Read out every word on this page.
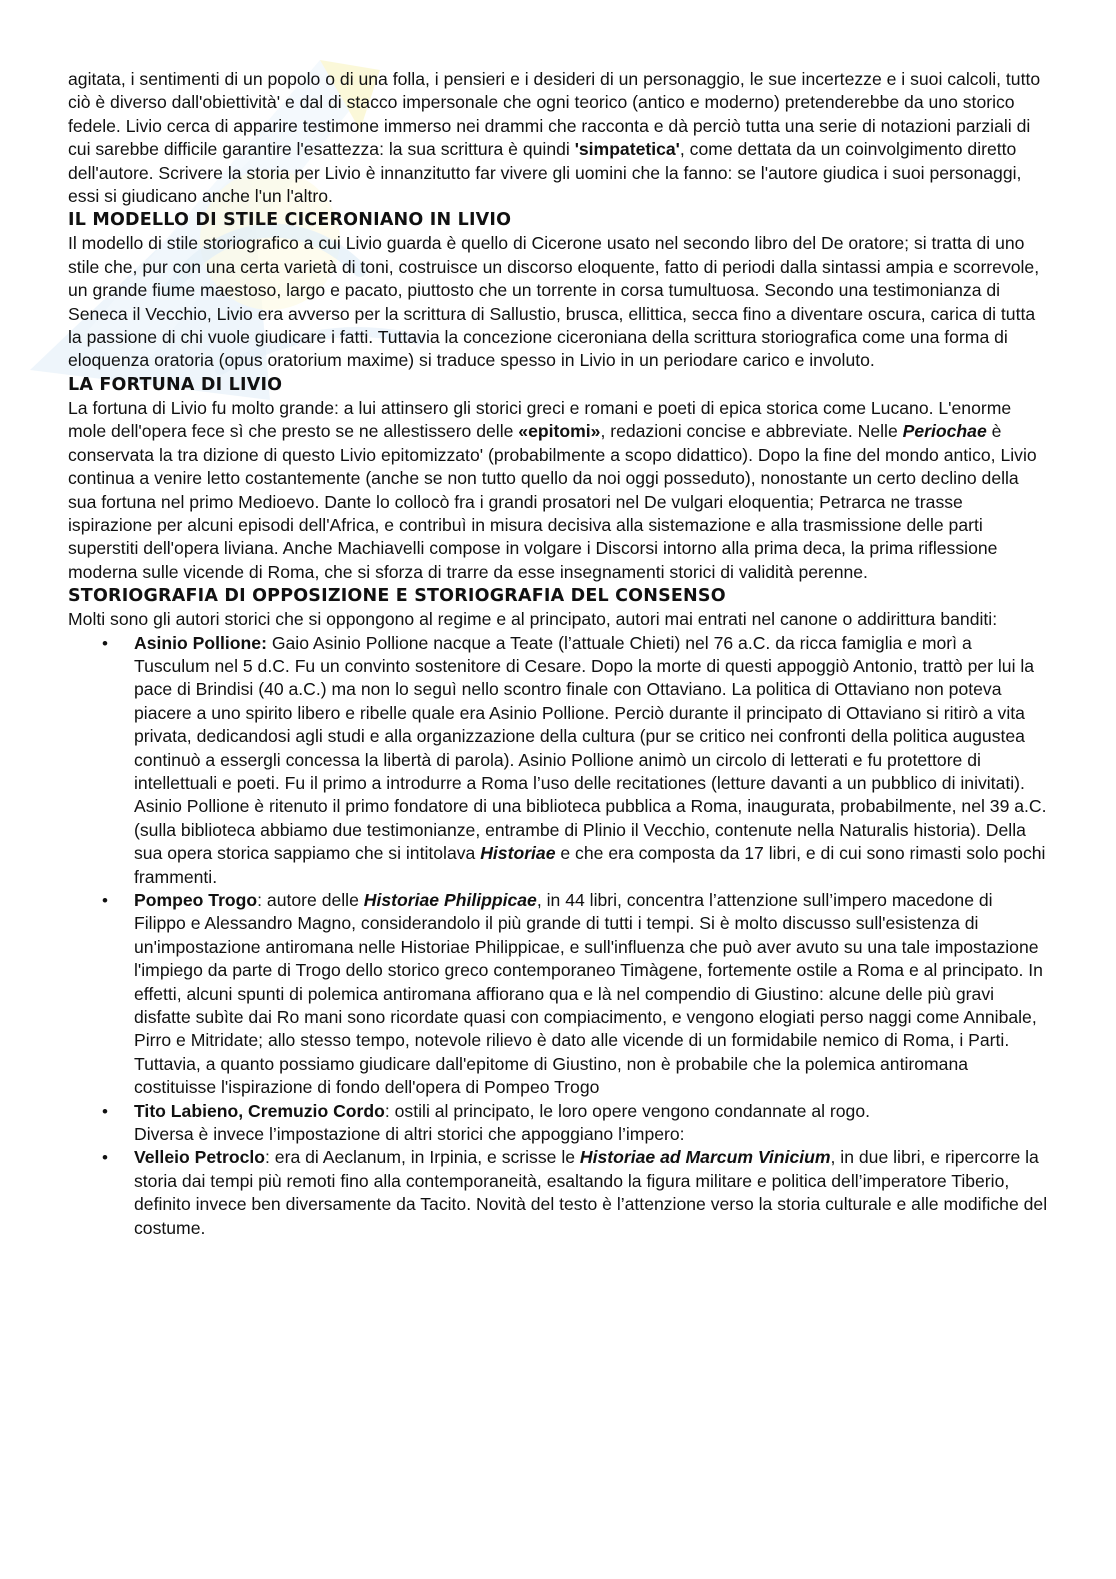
agitata, i sentimenti di un popolo o di una folla, i pensieri e i desideri di un personaggio, le sue incertezze e i suoi calcoli, tutto ciò è diverso dall'obiettività' e dal di stacco impersonale che ogni teorico (antico e moderno) pretenderebbe da uno storico fedele. Livio cerca di apparire testimone immerso nei drammi che racconta e dà perciò tutta una serie di notazioni parziali di cui sarebbe difficile garantire l'esattezza: la sua scrittura è quindi 'simpatetica', come dettata da un coinvolgimento diretto dell'autore. Scrivere la storia per Livio è innanzitutto far vivere gli uomini che la fanno: se l'autore giudica i suoi personaggi, essi si giudicano anche l'un l'altro.

IL MODELLO DI STILE CICERONIANO IN LIVIO

Il modello di stile storiografico a cui Livio guarda è quello di Cicerone usato nel secondo libro del De oratore; si tratta di uno stile che, pur con una certa varietà di toni, costruisce un discorso eloquente, fatto di periodi dalla sintassi ampia e scorrevole, un grande fiume maestoso, largo e pacato, piuttosto che un torrente in corsa tumultuosa. Secondo una testimonianza di Seneca il Vecchio, Livio era avverso per la scrittura di Sallustio, brusca, ellittica, secca fino a diventare oscura, carica di tutta la passione di chi vuole giudicare i fatti. Tuttavia la concezione ciceroniana della scrittura storiografica come una forma di eloquenza oratoria (opus oratorium maxime) si traduce spesso in Livio in un periodare carico e involuto.

LA FORTUNA DI LIVIO

La fortuna di Livio fu molto grande: a lui attinsero gli storici greci e romani e poeti di epica storica come Lucano. L'enorme mole dell'opera fece sì che presto se ne allestissero delle «epitomi», redazioni concise e abbreviate. Nelle Periochae è conservata la tra dizione di questo Livio epitomizzato' (probabilmente a scopo didattico). Dopo la fine del mondo antico, Livio continua a venire letto costantemente (anche se non tutto quello da noi oggi posseduto), nonostante un certo declino della sua fortuna nel primo Medioevo. Dante lo collocò fra i grandi prosatori nel De vulgari eloquentia; Petrarca ne trasse ispirazione per alcuni episodi dell'Africa, e contribuì in misura decisiva alla sistemazione e alla trasmissione delle parti superstiti dell'opera liviana. Anche Machiavelli compose in volgare i Discorsi intorno alla prima deca, la prima riflessione moderna sulle vicende di Roma, che si sforza di trarre da esse insegnamenti storici di validità perenne.

STORIOGRAFIA DI OPPOSIZIONE E STORIOGRAFIA DEL CONSENSO

Molti sono gli autori storici che si oppongono al regime e al principato, autori mai entrati nel canone o addirittura banditi:

• Asinio Pollione: Gaio Asinio Pollione nacque a Teate (l’attuale Chieti) nel 76 a.C. da ricca famiglia e morì a Tusculum nel 5 d.C. Fu un convinto sostenitore di Cesare. Dopo la morte di questi appoggiò Antonio, trattò per lui la pace di Brindisi (40 a.C.) ma non lo seguì nello scontro finale con Ottaviano. La politica di Ottaviano non poteva piacere a uno spirito libero e ribelle quale era Asinio Pollione. Perciò durante il principato di Ottaviano si ritirò a vita privata, dedicandosi agli studi e alla organizzazione della cultura (pur se critico nei confronti della politica augustea continuò a essergli concessa la libertà di parola). Asinio Pollione animò un circolo di letterati e fu protettore di intellettuali e poeti. Fu il primo a introdurre a Roma l’uso delle recitationes (letture davanti a un pubblico di inivitati). Asinio Pollione è ritenuto il primo fondatore di una biblioteca pubblica a Roma, inaugurata, probabilmente, nel 39 a.C. (sulla biblioteca abbiamo due testimonianze, entrambe di Plinio il Vecchio, contenute nella Naturalis historia). Della sua opera storica sappiamo che si intitolava Historiae e che era composta da 17 libri, e di cui sono rimasti solo pochi frammenti.
• Pompeo Trogo: autore delle Historiae Philippicae, in 44 libri, concentra l’attenzione sull’impero macedone di Filippo e Alessandro Magno, considerandolo il più grande di tutti i tempi. Si è molto discusso sull'esistenza di un'impostazione antiromana nelle Historiae Philippicae, e sull'influenza che può aver avuto su una tale impostazione l'impiego da parte di Trogo dello storico greco contemporaneo Timàgene, fortemente ostile a Roma e al principato. In effetti, alcuni spunti di polemica antiromana affiorano qua e là nel compendio di Giustino: alcune delle più gravi disfatte subìte dai Ro mani sono ricordate quasi con compiacimento, e vengono elogiati perso naggi come Annibale, Pirro e Mitridate; allo stesso tempo, notevole rilievo è dato alle vicende di un formidabile nemico di Roma, i Parti. Tuttavia, a quanto possiamo giudicare dall'epitome di Giustino, non è probabile che la polemica antiromana costituisse l'ispirazione di fondo dell'opera di Pompeo Trogo
• Tito Labieno, Cremuzio Cordo: ostili al principato, le loro opere vengono condannate al rogo.
Diversa è invece l’impostazione di altri storici che appoggiano l’impero:
• Velleio Petroclo: era di Aeclanum, in Irpinia, e scrisse le Historiae ad Marcum Vinicium, in due libri, e ripercorre la storia dai tempi più remoti fino alla contemporaneità, esaltando la figura militare e politica dell’imperatore Tiberio, definito invece ben diversamente da Tacito. Novità del testo è l’attenzione verso la storia culturale e alle modifiche del costume.
